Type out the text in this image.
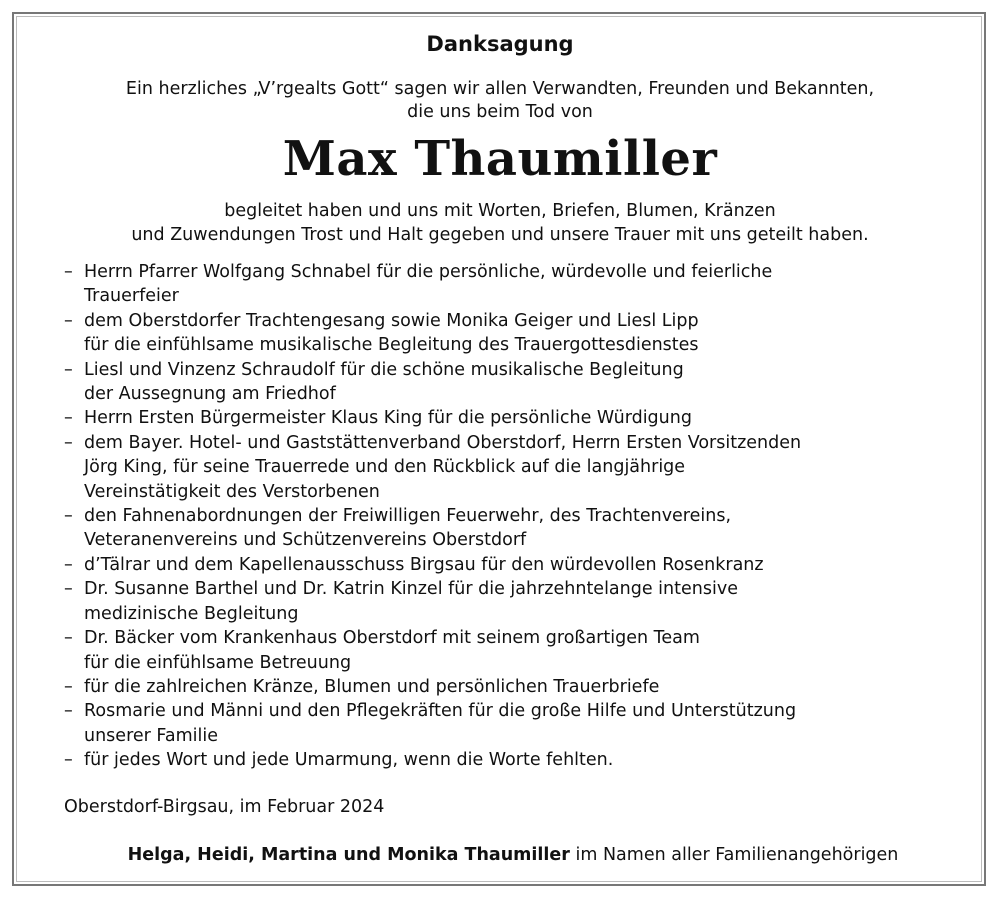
Danksagung
Ein herzliches „V’rgealts Gott“ sagen wir allen Verwandten, Freunden und Bekannten,
die uns beim Tod von
Max Thaumiller
begleitet haben und uns mit Worten, Briefen, Blumen, Kränzen
und Zuwendungen Trost und Halt gegeben und unsere Trauer mit uns geteilt haben.
– Herrn Pfarrer Wolfgang Schnabel für die persönliche, würdevolle und feierliche
Trauerfeier
– dem Oberstdorfer Trachtengesang sowie Monika Geiger und Liesl Lipp
für die einfühlsame musikalische Begleitung des Trauergottesdienstes
– Liesl und Vinzenz Schraudolf für die schöne musikalische Begleitung
der Aussegnung am Friedhof
– Herrn Ersten Bürgermeister Klaus King für die persönliche Würdigung
– dem Bayer. Hotel- und Gaststättenverband Oberstdorf, Herrn Ersten Vorsitzenden
Jörg King, für seine Trauerrede und den Rückblick auf die langjährige
Vereinstätigkeit des Verstorbenen
– den Fahnenabordnungen der Freiwilligen Feuerwehr, des Trachtenvereins,
Veteranenvereins und Schützenvereins Oberstdorf
– d’Tälrar und dem Kapellenausschuss Birgsau für den würdevollen Rosenkranz
– Dr. Susanne Barthel und Dr. Katrin Kinzel für die jahrzehntelange intensive
medizinische Begleitung
– Dr. Bäcker vom Krankenhaus Oberstdorf mit seinem großartigen Team
für die einfühlsame Betreuung
– für die zahlreichen Kränze, Blumen und persönlichen Trauerbriefe
– Rosmarie und Männi und den Pflegekräften für die große Hilfe und Unterstützung
unserer Familie
– für jedes Wort und jede Umarmung, wenn die Worte fehlten.
Oberstdorf-Birgsau, im Februar 2024
Helga, Heidi, Martina und Monika Thaumiller im Namen aller Familienangehörigen
